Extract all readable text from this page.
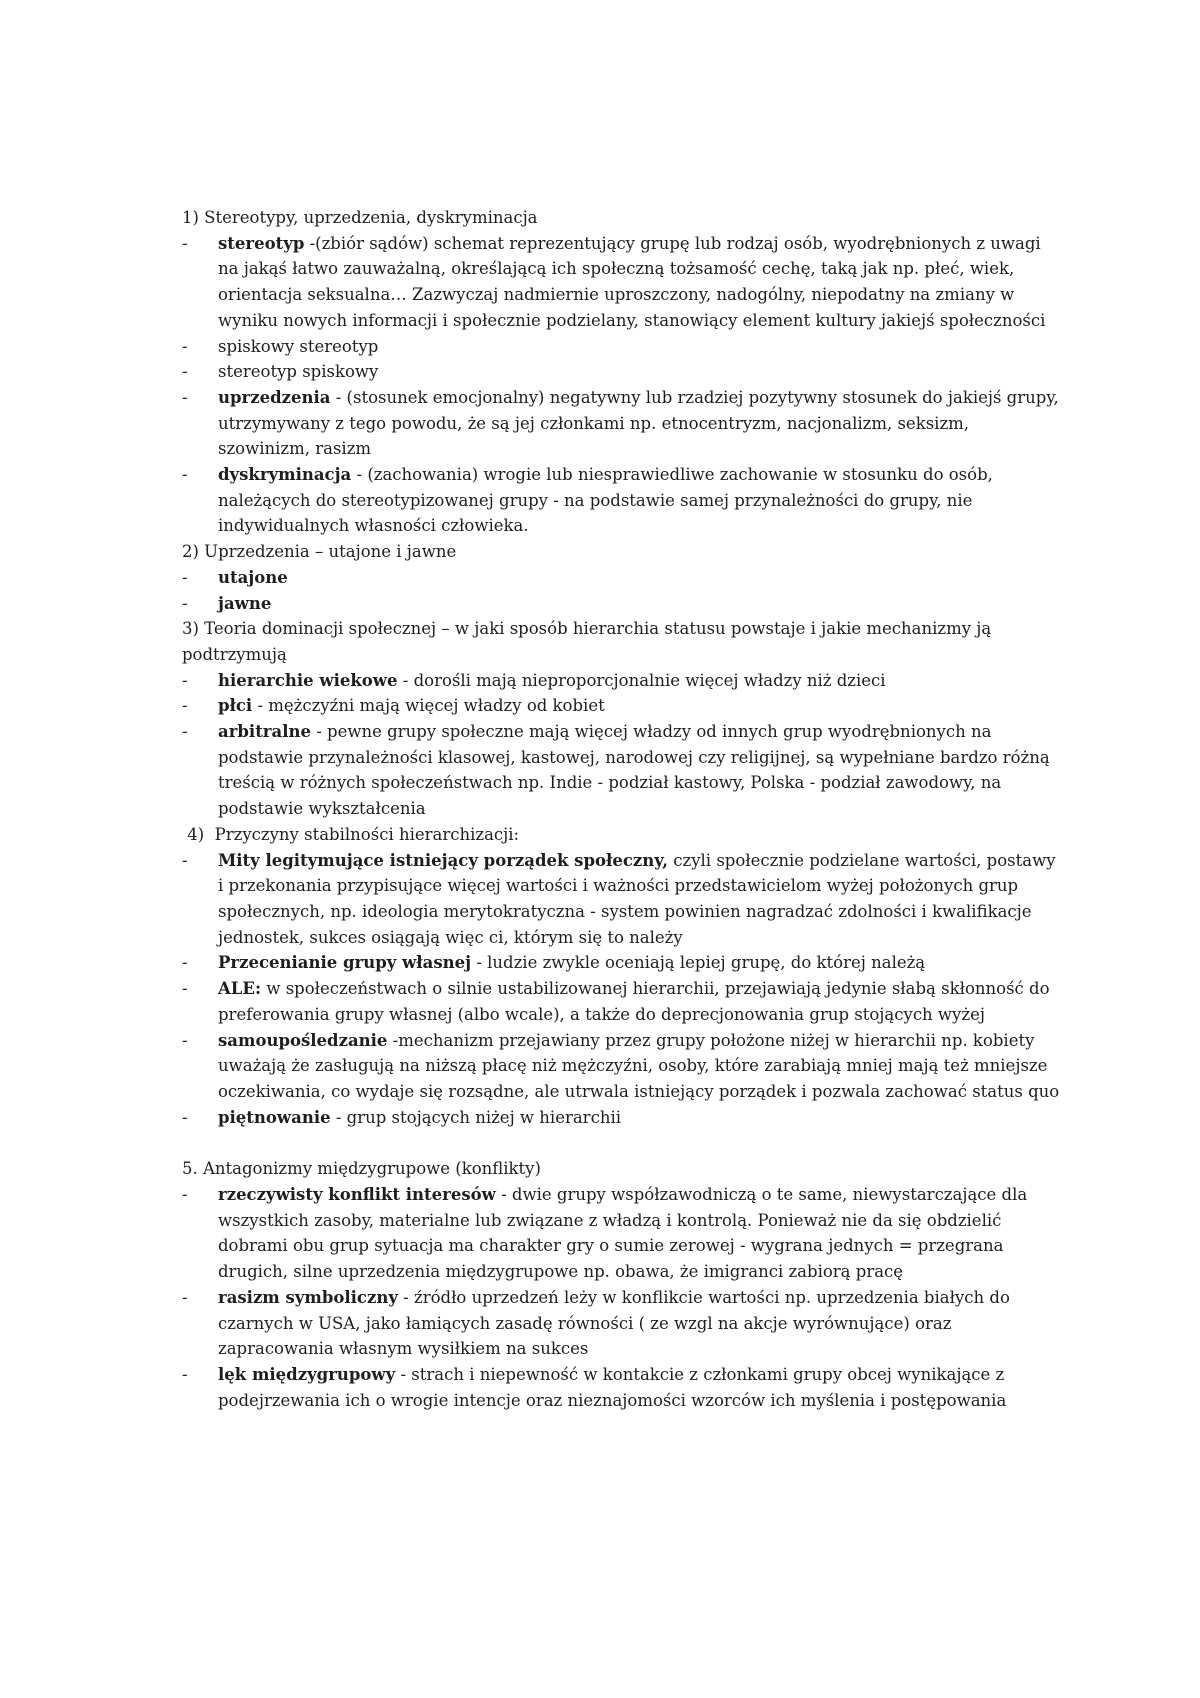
1) Stereotypy, uprzedzenia, dyskryminacja

- stereotyp -(zbiór sądów) schemat reprezentujący grupę lub rodzaj osób, wyodrębnionych z uwagi na jakąś łatwo zauważalną, określającą ich społeczną tożsamość cechę, taką jak np. płeć, wiek, orientacja seksualna… Zazwyczaj nadmiernie uproszczony, nadogólny, niepodatny na zmiany w wyniku nowych informacji i społecznie podzielany, stanowiący element kultury jakiejś społeczności

- spiskowy stereotyp

- stereotyp spiskowy

- uprzedzenia - (stosunek emocjonalny) negatywny lub rzadziej pozytywny stosunek do jakiejś grupy, utrzymywany z tego powodu, że są jej członkami np. etnocentryzm, nacjonalizm, seksizm, szowinizm, rasizm

- dyskryminacja - (zachowania) wrogie lub niesprawiedliwe zachowanie w stosunku do osób, należących do stereotypizowanej grupy - na podstawie samej przynależności do grupy, nie indywidualnych własności człowieka.

2) Uprzedzenia – utajone i jawne

- utajone

- jawne

3) Teoria dominacji społecznej – w jaki sposób hierarchia statusu powstaje i jakie mechanizmy ją podtrzymują

- hierarchie wiekowe - dorośli mają nieproporcjonalnie więcej władzy niż dzieci

- płci - mężczyźni mają więcej władzy od kobiet

- arbitralne - pewne grupy społeczne mają więcej władzy od innych grup wyodrębnionych na podstawie przynależności klasowej, kastowej, narodowej czy religijnej, są wypełniane bardzo różną treścią w różnych społeczeństwach np. Indie - podział kastowy, Polska - podział zawodowy, na podstawie wykształcenia

4)  Przyczyny stabilności hierarchizacji:

- Mity legitymujące istniejący porządek społeczny, czyli społecznie podzielane wartości, postawy i przekonania przypisujące więcej wartości i ważności przedstawicielom wyżej położonych grup społecznych, np. ideologia merytokratyczna - system powinien nagradzać zdolności i kwalifikacje jednostek, sukces osiągają więc ci, którym się to należy

- Przecenianie grupy własnej - ludzie zwykle oceniają lepiej grupę, do której należą

- ALE: w społeczeństwach o silnie ustabilizowanej hierarchii, przejawiają jedynie słabą skłonność do preferowania grupy własnej (albo wcale), a także do deprecjonowania grup stojących wyżej

- samoupośledzanie -mechanizm przejawiany przez grupy położone niżej w hierarchii np. kobiety uważają że zasługują na niższą płacę niż mężczyźni, osoby, które zarabiają mniej mają też mniejsze oczekiwania, co wydaje się rozsądne, ale utrwala istniejący porządek i pozwala zachować status quo

- piętnowanie - grup stojących niżej w hierarchii

5. Antagonizmy międzygrupowe (konflikty)

- rzeczywisty konflikt interesów - dwie grupy współzawodniczą o te same, niewystarczające dla wszystkich zasoby, materialne lub związane z władzą i kontrolą. Ponieważ nie da się obdzielić dobrami obu grup sytuacja ma charakter gry o sumie zerowej - wygrana jednych = przegrana drugich, silne uprzedzenia międzygrupowe np. obawa, że imigranci zabiorą pracę

- rasizm symboliczny - źródło uprzedzeń leży w konflikcie wartości np. uprzedzenia białych do czarnych w USA, jako łamiących zasadę równości ( ze wzgl na akcje wyrównujące) oraz zapracowania własnym wysiłkiem na sukces

- lęk międzygrupowy - strach i niepewność w kontakcie z członkami grupy obcej wynikające z podejrzewania ich o wrogie intencje oraz nieznajomości wzorców ich myślenia i postępowania
